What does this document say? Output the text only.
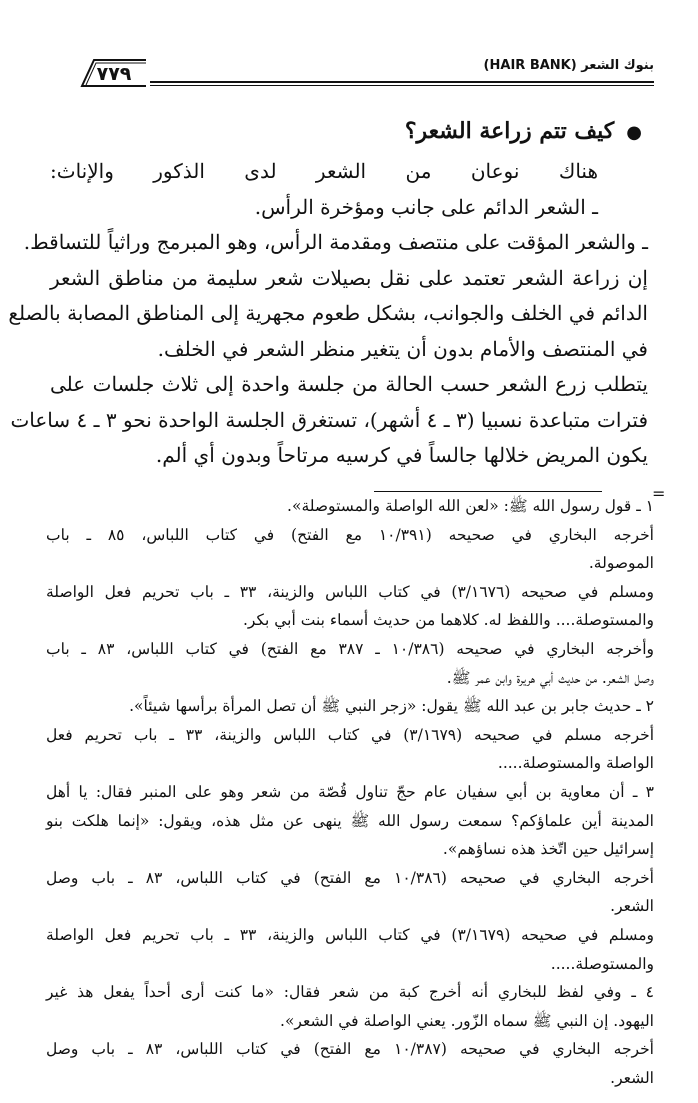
بنوك الشعر (HAIR BANK)
٧٧٩
●كيف تتم زراعة الشعر؟
هناك نوعان من الشعر لدى الذكور والإناث:
ـ الشعر الدائم على جانب ومؤخرة الرأس.
ـ والشعر المؤقت على منتصف ومقدمة الرأس، وهو المبرمج وراثياً للتساقط.
إن زراعة الشعر تعتمد على نقل بصيلات شعر سليمة من مناطق الشعر
الدائم في الخلف والجوانب، بشكل طعوم مجهرية إلى المناطق المصابة بالصلع
في المنتصف والأمام بدون أن يتغير منظر الشعر في الخلف.
يتطلب زرع الشعر حسب الحالة من جلسة واحدة إلى ثلاث جلسات على
فترات متباعدة نسبيا (٣ ـ ٤ أشهر)، تستغرق الجلسة الواحدة نحو ٣ ـ ٤ ساعات
يكون المريض خلالها جالساً في كرسيه مرتاحاً وبدون أي ألم.
=
١ ـ قول رسول الله ﷺ: «لعن الله الواصلة والمستوصلة».
أخرجه البخاري في صحيحه (١٠/٣٩١ مع الفتح) في كتاب اللباس، ٨٥ ـ باب
الموصولة.
ومسلم في صحيحه (٣/١٦٧٦) في كتاب اللباس والزينة، ٣٣ ـ باب تحريم فعل الواصلة
والمستوصلة.... واللفظ له. كلاهما من حديث أسماء بنت أبي بكر.
وأخرجه البخاري في صحيحه (١٠/٣٨٦ ـ ٣٨٧ مع الفتح) في كتاب اللباس، ٨٣ ـ باب
وصل الشعر. من حديث أبي هريرة وابن عمر ﷺ.
٢ ـ حديث جابر بن عبد الله ﷺ يقول: «زجر النبي ﷺ أن تصل المرأة برأسها شيئاً».
أخرجه مسلم في صحيحه (٣/١٦٧٩) في كتاب اللباس والزينة، ٣٣ ـ باب تحريم فعل
الواصلة والمستوصلة.....
٣ ـ أن معاوية بن أبي سفيان عام حجّ تناول قُصّة من شعر وهو على المنبر فقال: يا أهل
المدينة أين علماؤكم؟ سمعت رسول الله ﷺ ينهى عن مثل هذه، ويقول: «إنما هلكت بنو
إسرائيل حين اتّخذ هذه نساؤهم».
أخرجه البخاري في صحيحه (١٠/٣٨٦ مع الفتح) في كتاب اللباس، ٨٣ ـ باب وصل
الشعر.
ومسلم في صحيحه (٣/١٦٧٩) في كتاب اللباس والزينة، ٣٣ ـ باب تحريم فعل الواصلة
والمستوصلة.....
٤ ـ وفي لفظ للبخاري أنه أخرج كبة من شعر فقال: «ما كنت أرى أحداً يفعل هذ غير
اليهود. إن النبي ﷺ سماه الزّور. يعني الواصلة في الشعر».
أخرجه البخاري في صحيحه (١٠/٣٨٧ مع الفتح) في كتاب اللباس، ٨٣ ـ باب وصل
الشعر.
